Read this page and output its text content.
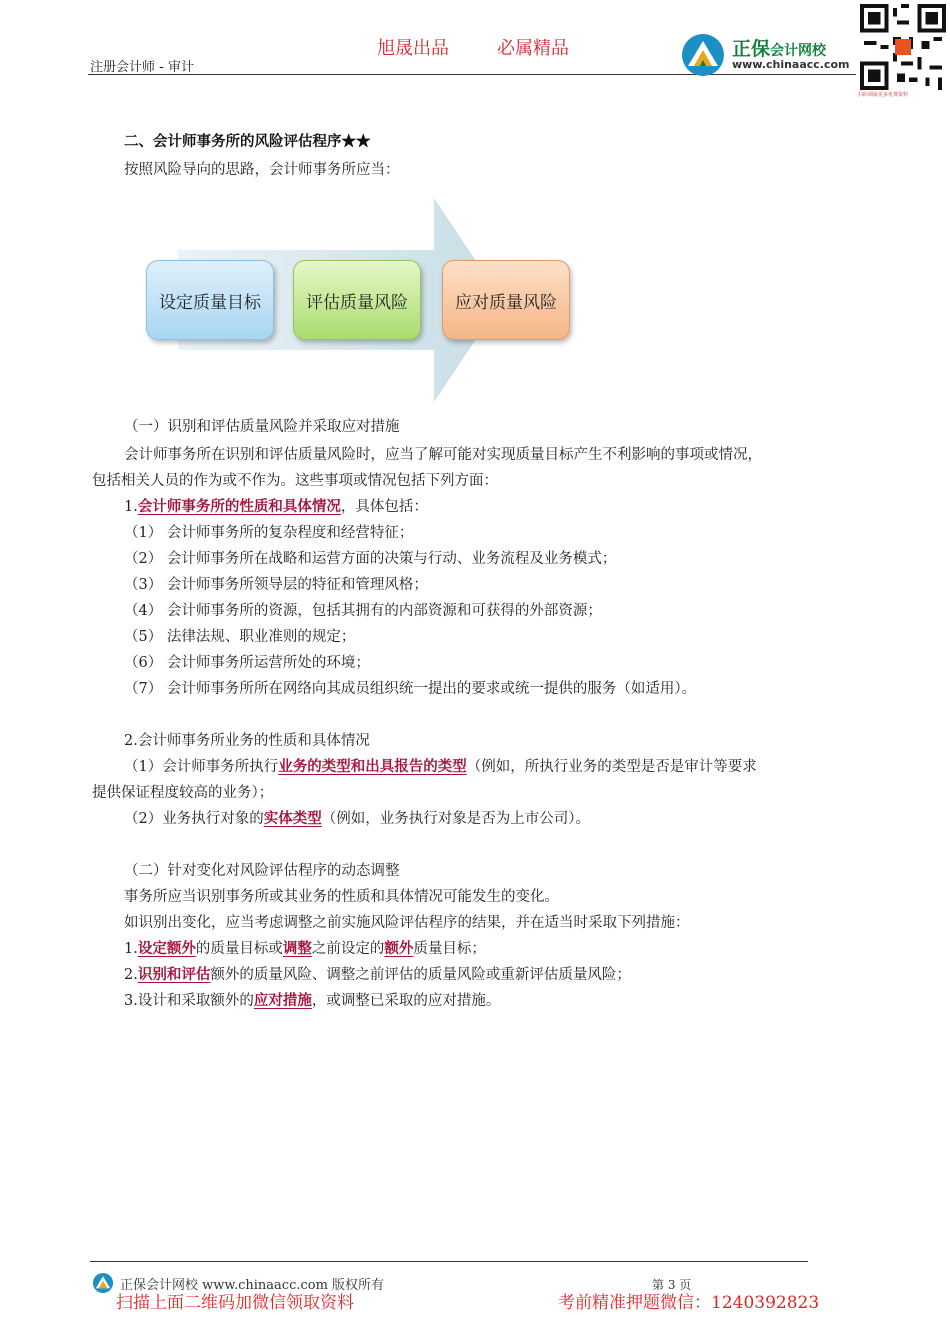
注册会计师 - 审计
旭晟出品	必属精品	正保会计网校
www.chinaacc.com
扫码领取更多免费资料
二、会计师事务所的风险评估程序★★
按照风险导向的思路，会计师事务所应当：
设定质量目标	评估质量风险	应对质量风险
（一）识别和评估质量风险并采取应对措施
会计师事务所在识别和评估质量风险时，应当了解可能对实现质量目标产生不利影响的事项或情况，
包括相关人员的作为或不作为。这些事项或情况包括下列方面：
1.会计师事务所的性质和具体情况，具体包括：
（1） 会计师事务所的复杂程度和经营特征；
（2） 会计师事务所在战略和运营方面的决策与行动、业务流程及业务模式；
（3） 会计师事务所领导层的特征和管理风格；
（4） 会计师事务所的资源，包括其拥有的内部资源和可获得的外部资源；
（5） 法律法规、职业准则的规定；
（6） 会计师事务所运营所处的环境；
（7） 会计师事务所所在网络向其成员组织统一提出的要求或统一提供的服务（如适用）。
2.会计师事务所业务的性质和具体情况
（1）会计师事务所执行业务的类型和出具报告的类型（例如，所执行业务的类型是否是审计等要求
提供保证程度较高的业务）；
（2）业务执行对象的实体类型（例如，业务执行对象是否为上市公司）。
（二）针对变化对风险评估程序的动态调整
事务所应当识别事务所或其业务的性质和具体情况可能发生的变化。
如识别出变化，应当考虑调整之前实施风险评估程序的结果，并在适当时采取下列措施：
1.设定额外的质量目标或调整之前设定的额外质量目标；
2.识别和评估额外的质量风险、调整之前评估的质量风险或重新评估质量风险；
3.设计和采取额外的应对措施，或调整已采取的应对措施。
正保会计网校 www.chinaacc.com 版权所有	第 3 页
扫描上面二维码加微信领取资料	考前精准押题微信：1240392823
